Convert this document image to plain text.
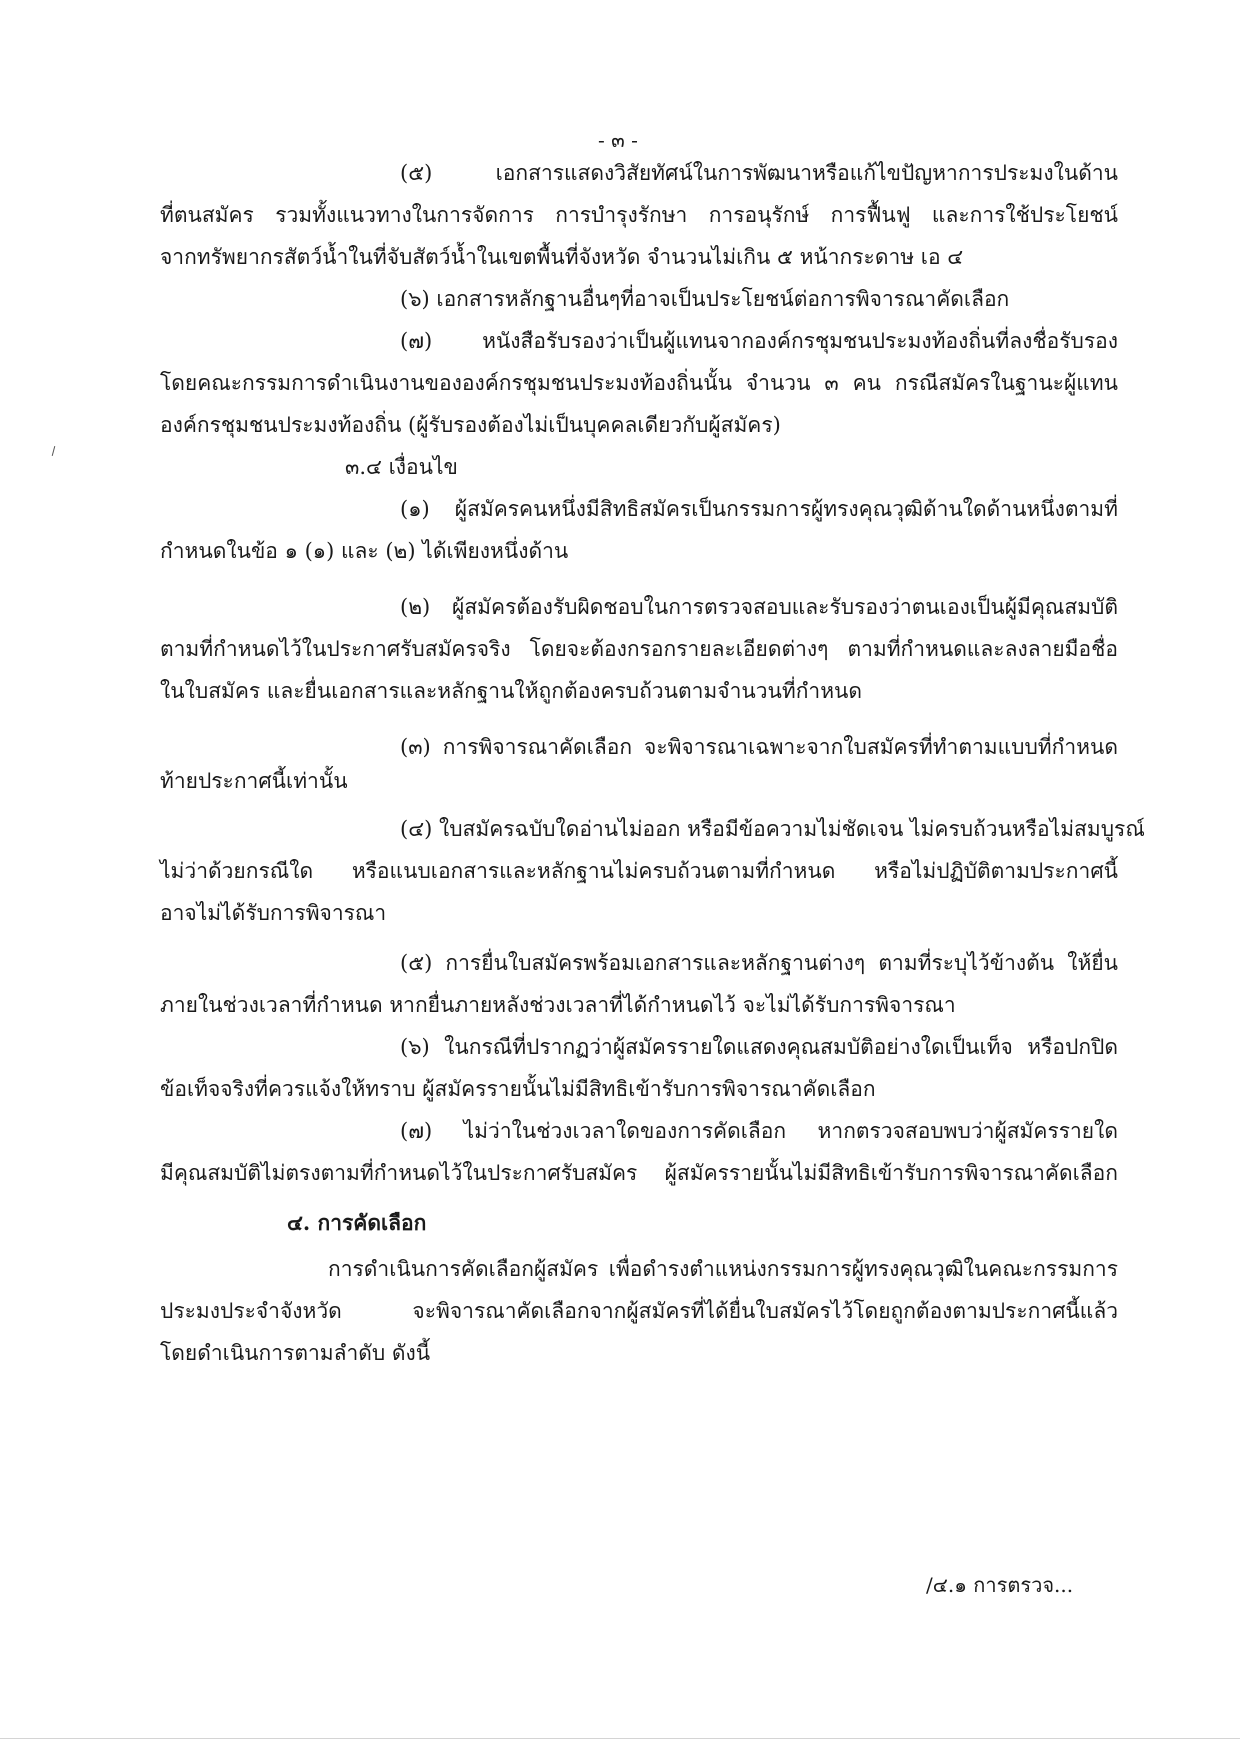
- ๓ -
(๕) เอกสารแสดงวิสัยทัศน์ในการพัฒนาหรือแก้ไขปัญหาการประมงในด้าน
ที่ตนสมัคร รวมทั้งแนวทางในการจัดการ การบำรุงรักษา การอนุรักษ์ การฟื้นฟู และการใช้ประโยชน์
จากทรัพยากรสัตว์น้ำในที่จับสัตว์น้ำในเขตพื้นที่จังหวัด จำนวนไม่เกิน ๕ หน้ากระดาษ เอ ๔
(๖) เอกสารหลักฐานอื่นๆที่อาจเป็นประโยชน์ต่อการพิจารณาคัดเลือก
(๗) หนังสือรับรองว่าเป็นผู้แทนจากองค์กรชุมชนประมงท้องถิ่นที่ลงชื่อรับรอง
โดยคณะกรรมการดำเนินงานขององค์กรชุมชนประมงท้องถิ่นนั้น จำนวน ๓ คน กรณีสมัครในฐานะผู้แทน
องค์กรชุมชนประมงท้องถิ่น (ผู้รับรองต้องไม่เป็นบุคคลเดียวกับผู้สมัคร)
๓.๔ เงื่อนไข
(๑) ผู้สมัครคนหนึ่งมีสิทธิสมัครเป็นกรรมการผู้ทรงคุณวุฒิด้านใดด้านหนึ่งตามที่
กำหนดในข้อ ๑ (๑) และ (๒) ได้เพียงหนึ่งด้าน
(๒) ผู้สมัครต้องรับผิดชอบในการตรวจสอบและรับรองว่าตนเองเป็นผู้มีคุณสมบัติ
ตามที่กำหนดไว้ในประกาศรับสมัครจริง โดยจะต้องกรอกรายละเอียดต่างๆ ตามที่กำหนดและลงลายมือชื่อ
ในใบสมัคร และยื่นเอกสารและหลักฐานให้ถูกต้องครบถ้วนตามจำนวนที่กำหนด
(๓) การพิจารณาคัดเลือก จะพิจารณาเฉพาะจากใบสมัครที่ทำตามแบบที่กำหนด
ท้ายประกาศนี้เท่านั้น
(๔) ใบสมัครฉบับใดอ่านไม่ออก หรือมีข้อความไม่ชัดเจน ไม่ครบถ้วนหรือไม่สมบูรณ์
ไม่ว่าด้วยกรณีใด หรือแนบเอกสารและหลักฐานไม่ครบถ้วนตามที่กำหนด หรือไม่ปฏิบัติตามประกาศนี้
อาจไม่ได้รับการพิจารณา
(๕) การยื่นใบสมัครพร้อมเอกสารและหลักฐานต่างๆ ตามที่ระบุไว้ข้างต้น ให้ยื่น
ภายในช่วงเวลาที่กำหนด หากยื่นภายหลังช่วงเวลาที่ได้กำหนดไว้ จะไม่ได้รับการพิจารณา
(๖) ในกรณีที่ปรากฏว่าผู้สมัครรายใดแสดงคุณสมบัติอย่างใดเป็นเท็จ หรือปกปิด
ข้อเท็จจริงที่ควรแจ้งให้ทราบ ผู้สมัครรายนั้นไม่มีสิทธิเข้ารับการพิจารณาคัดเลือก
(๗) ไม่ว่าในช่วงเวลาใดของการคัดเลือก หากตรวจสอบพบว่าผู้สมัครรายใด
มีคุณสมบัติไม่ตรงตามที่กำหนดไว้ในประกาศรับสมัคร ผู้สมัครรายนั้นไม่มีสิทธิเข้ารับการพิจารณาคัดเลือก
๔. การคัดเลือก
การดำเนินการคัดเลือกผู้สมัคร เพื่อดำรงตำแหน่งกรรมการผู้ทรงคุณวุฒิในคณะกรรมการ
ประมงประจำจังหวัด จะพิจารณาคัดเลือกจากผู้สมัครที่ได้ยื่นใบสมัครไว้โดยถูกต้องตามประกาศนี้แล้ว
โดยดำเนินการตามลำดับ ดังนี้
/๔.๑ การตรวจ...
